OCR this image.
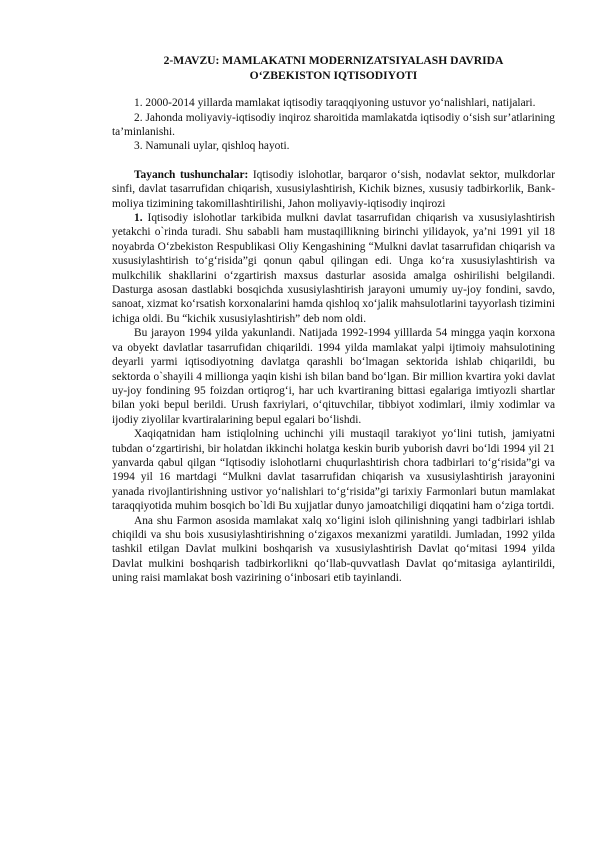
2-MAVZU: MAMLAKATNI MODERNIZATSIYALASH DAVRIDA
O‘ZBEKISTON IQTISODIYOTI

1. 2000-2014 yillarda mamlakat iqtisodiy taraqqiyoning ustuvor yo‘nalishlari, natijalari.

2. Jahonda moliyaviy-iqtisodiy inqiroz sharoitida mamlakatda iqtisodiy o‘sish sur’atlarining ta’minlanishi.

3. Namunali uylar, qishloq hayoti.

Tayanch tushunchalar: Iqtisodiy islohotlar, barqaror o‘sish, nodavlat sektor, mulkdorlar sinfi, davlat tasarrufidan chiqarish, xususiylashtirish, Kichik biznes, xususiy tadbirkorlik, Bank-moliya tizimining takomillashtirilishi, Jahon moliyaviy-iqtisodiy inqirozi

1. Iqtisodiy islohotlar tarkibida mulkni davlat tasarrufidan chiqarish va xususiylashtirish yetakchi o`rinda turadi. Shu sababli ham mustaqillikning birinchi yilidayok, ya’ni 1991 yil 18 noyabrda O‘zbekiston Respublikasi Oliy Kengashining “Mulkni davlat tasarrufidan chiqarish va xususiylashtirish to‘g‘risida”gi qonun qabul qilingan edi. Unga ko‘ra xususiylashtirish va mulkchilik shakllarini o‘zgartirish maxsus dasturlar asosida amalga oshirilishi belgilandi. Dasturga asosan dastlabki bosqichda xususiylashtirish jarayoni umumiy uy-joy fondini, savdo, sanoat, xizmat ko‘rsatish korxonalarini hamda qishloq xo‘jalik mahsulotlarini tayyorlash tizimini ichiga oldi. Bu “kichik xususiylashtirish” deb nom oldi.

Bu jarayon 1994 yilda yakunlandi. Natijada 1992-1994 yilllarda 54 mingga yaqin korxona va obyekt davlatlar tasarrufidan chiqarildi. 1994 yilda mamlakat yalpi ijtimoiy mahsulotining deyarli yarmi iqtisodiyotning davlatga qarashli bo‘lmagan sektorida ishlab chiqarildi, bu sektorda o`shayili 4 millionga yaqin kishi ish bilan band bo‘lgan. Bir million kvartira yoki davlat uy-joy fondining 95 foizdan ortiqrog‘i, har uch kvartiraning bittasi egalariga imtiyozli shartlar bilan yoki bepul berildi. Urush faxriylari, o‘qituvchilar, tibbiyot xodimlari, ilmiy xodimlar va ijodiy ziyolilar kvartiralarining bepul egalari bo‘lishdi.

Xaqiqatnidan ham istiqlolning uchinchi yili mustaqil tarakiyot yo‘lini tutish, jamiyatni tubdan o‘zgartirishi, bir holatdan ikkinchi holatga keskin burib yuborish davri bo‘ldi 1994 yil 21 yanvarda qabul qilgan “Iqtisodiy islohotlarni chuqurlashtirish chora tadbirlari to‘g‘risida”gi va 1994 yil 16 martdagi “Mulkni davlat tasarrufidan chiqarish va xususiylashtirish jarayonini yanada rivojlantirishning ustivor yo‘nalishlari to‘g‘risida”gi tarixiy Farmonlari butun mamlakat taraqqiyotida muhim bosqich bo`ldi Bu xujjatlar dunyo jamoatchiligi diqqatini ham o‘ziga tortdi.

Ana shu Farmon asosida mamlakat xalq xo‘ligini isloh qilinishning yangi tadbirlari ishlab chiqildi va shu bois xususiylashtirishning o‘zigaxos mexanizmi yaratildi. Jumladan, 1992 yilda tashkil etilgan Davlat mulkini boshqarish va xususiylashtirish Davlat qo‘mitasi 1994 yilda Davlat mulkini boshqarish tadbirkorlikni qo‘llab-quvvatlash Davlat qo‘mitasiga aylantirildi, uning raisi mamlakat bosh vazirining o‘inbosari etib tayinlandi.
